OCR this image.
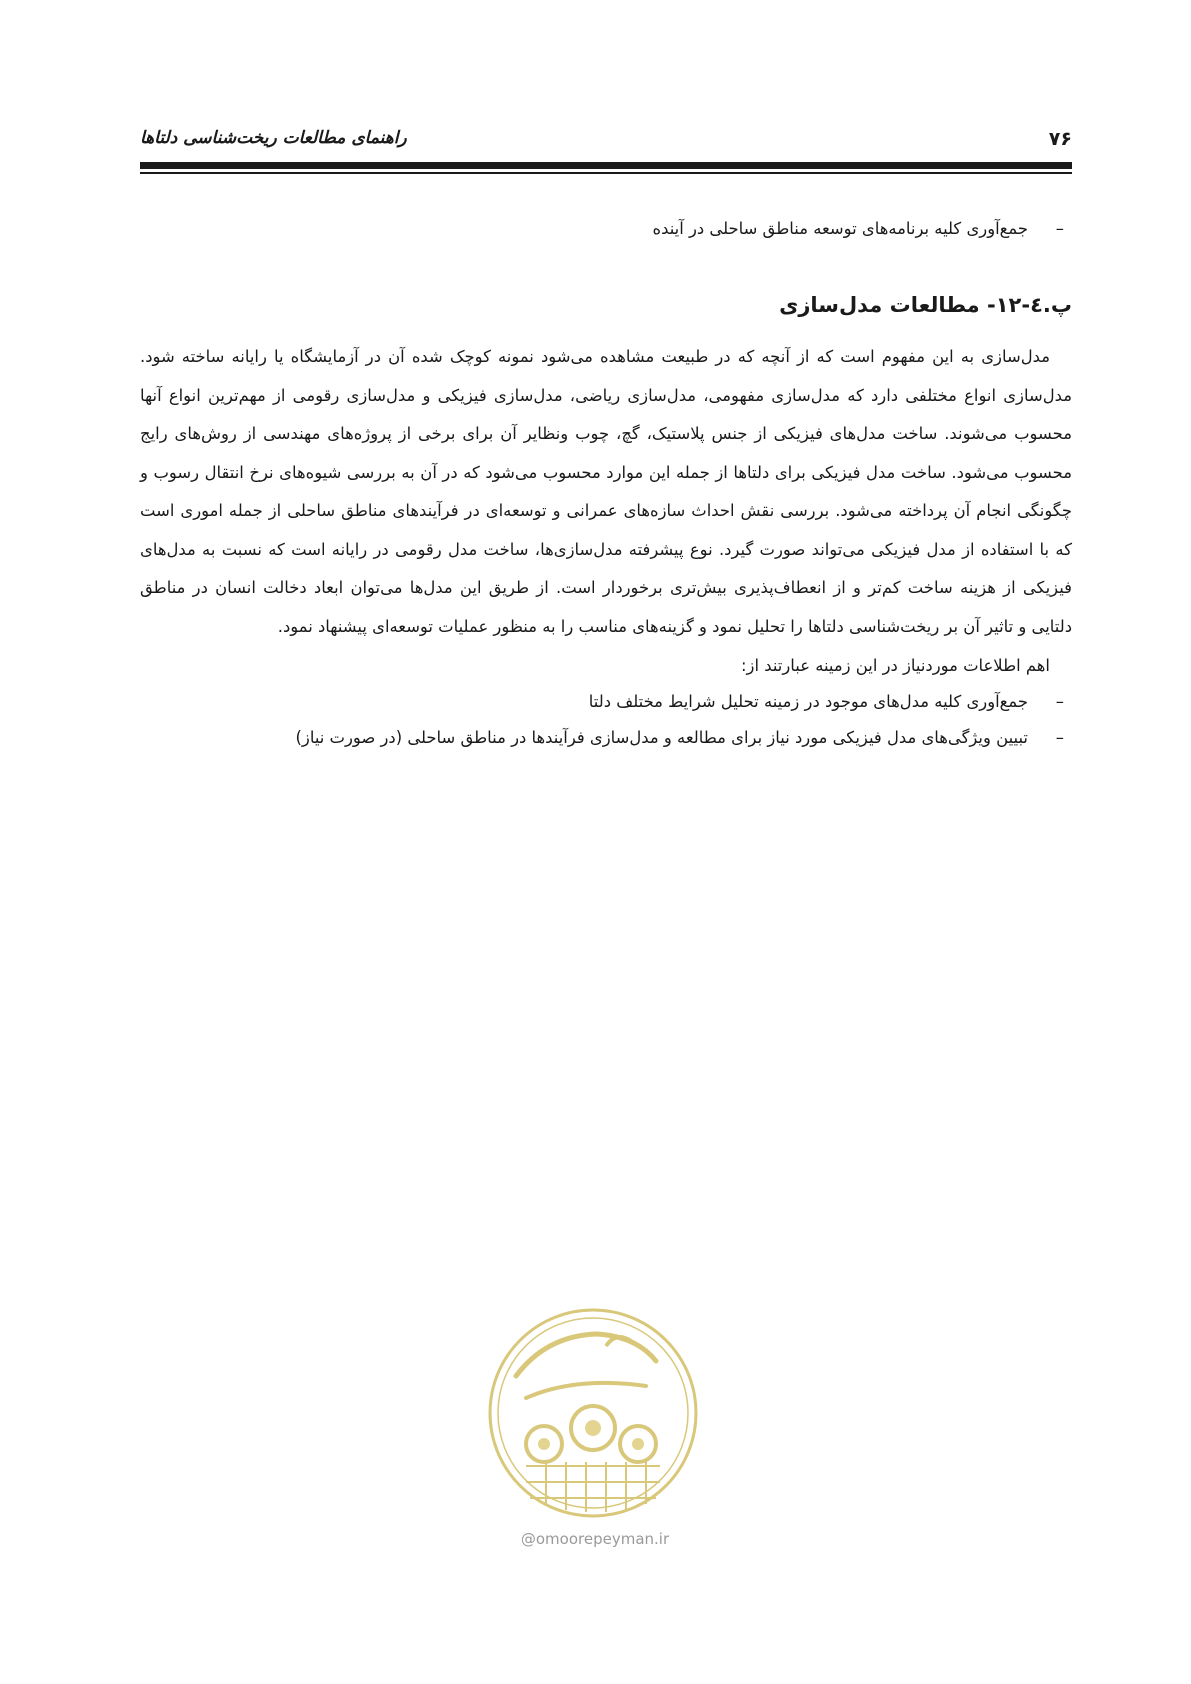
۷۶
راهنمای مطالعات ریخت‌شناسی دلتاها
–
جمع‌آوری کلیه برنامه‌های توسعه مناطق ساحلی در آینده
پ.٤-۱۲- مطالعات مدل‌سازی

مدل‌سازی به این مفهوم است که از آنچه که در طبیعت مشاهده می‌شود نمونه کوچک شده آن در آزمایشگاه یا رایانه ساخته شود. مدل‌سازی انواع مختلفی دارد که مدل‌سازی مفهومی، مدل‌سازی ریاضی، مدل‌سازی فیزیکی و مدل‌سازی رقومی از مهم‌ترین انواع آنها محسوب می‌شوند. ساخت مدل‌های فیزیکی از جنس پلاستیک، گچ، چوب ونظایر آن برای برخی از پروژه‌های مهندسی از روش‌های رایج محسوب می‌شود. ساخت مدل فیزیکی برای دلتاها از جمله این موارد محسوب می‌شود که در آن به بررسی شیوه‌های نرخ انتقال رسوب و چگونگی انجام آن پرداخته می‌شود. بررسی نقش احداث سازه‌های عمرانی و توسعه‌ای در فرآیندهای مناطق ساحلی از جمله اموری است که با استفاده از مدل فیزیکی می‌تواند صورت گیرد. نوع پیشرفته مدل‌سازی‌ها، ساخت مدل رقومی در رایانه است که نسبت به مدل‌های فیزیکی از هزینه ساخت کم‌تر و از انعطاف‌پذیری بیش‌تری برخوردار است. از طریق این مدل‌ها می‌توان ابعاد دخالت انسان در مناطق دلتایی و تاثیر آن بر ریخت‌شناسی دلتاها را تحلیل نمود و گزینه‌های مناسب را به منظور عملیات توسعه‌ای پیشنهاد نمود.

اهم اطلاعات موردنیاز در این زمینه عبارتند از:
–
جمع‌آوری کلیه مدل‌های موجود در زمینه تحلیل شرایط مختلف دلتا
–
تبیین ویژگی‌های مدل فیزیکی مورد نیاز برای مطالعه و مدل‌سازی فرآیندها در مناطق ساحلی (در صورت نیاز)
@omoorepeyman.ir
